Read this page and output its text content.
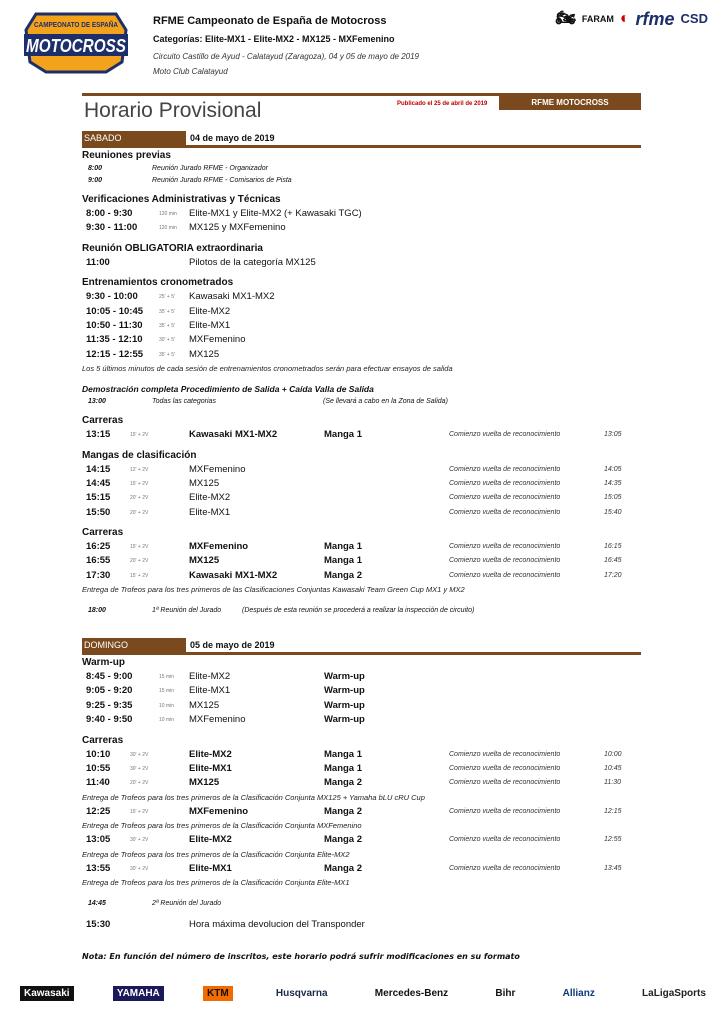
CAMPEONATO DE ESPAÑA
MOTOCROSS
RFME Campeonato de España de Motocross
Categorías: Elite-MX1 - Elite-MX2 - MX125 - MXFemenino
Circuito Castillo de Ayud - Calatayud (Zaragoza), 04 y 05 de mayo de 2019
Moto Club Calatayud
🏍 FARAM ◐ rfme CSD
Horario Provisional	Publicado el 25 de abril de 2019	RFME MOTOCROSS
SABADO	04 de mayo de 2019
Reuniones previas
8:00	Reunión Jurado RFME - Organizador
9:00	Reunión Jurado RFME - Comisarios de Pista
Verificaciones Administrativas y Técnicas
8:00 - 9:30	120 min Elite-MX1 y Elite-MX2 (+ Kawasaki TGC)
9:30 - 11:00	120 min MX125 y MXFemenino
Reunión OBLIGATORIA extraordinaria
11:00	Pilotos de la categoría MX125
Entrenamientos cronometrados
9:30 - 10:00	25' + 5' Kawasaki MX1-MX2
10:05 - 10:45	35' + 5' Elite-MX2
10:50 - 11:30	35' + 5' Elite-MX1
11:35 - 12:10	30' + 5' MXFemenino
12:15 - 12:55	35' + 5' MX125
Los 5 últimos minutos de cada sesión de entrenamientos cronometrados serán para efectuar ensayos de salida
Demostración completa Procedimiento de Salida + Caída Valla de Salida
13:00	Todas las categorias	(Se llevará a cabo en la Zona de Salida)
Carreras
13:15	15' + 2V	Kawasaki MX1-MX2	Manga 1	Comienzo vuelta de reconocimiento	13:05
Mangas de clasificación
14:15	12' + 2V	MXFemenino	Comienzo vuelta de reconocimiento	14:05
14:45	15' + 2V	MX125	Comienzo vuelta de reconocimiento	14:35
15:15	20' + 2V	Elite-MX2	Comienzo vuelta de reconocimiento	15:05
15:50	20' + 2V	Elite-MX1	Comienzo vuelta de reconocimiento	15:40
Carreras
16:25	15' + 2V	MXFemenino	Manga 1	Comienzo vuelta de reconocimiento	16:15
16:55	20' + 2V	MX125	Manga 1	Comienzo vuelta de reconocimiento	16:45
17:30	15' + 2V	Kawasaki MX1-MX2	Manga 2	Comienzo vuelta de reconocimiento	17:20
Entrega de Trofeos para los tres primeros de las Clasificaciones Conjuntas Kawasaki Team Green Cup MX1 y MX2
18:00	1ª Reunión del Jurado	(Después de esta reunión se procederá a realizar la inspección de circuito)
DOMINGO	05 de mayo de 2019
Warm-up
8:45 - 9:00	15 min Elite-MX2	Warm-up
9:05 - 9:20	15 min Elite-MX1	Warm-up
9:25 - 9:35	10 min MX125	Warm-up
9:40 - 9:50	10 min MXFemenino	Warm-up
Carreras
10:10	30' + 2V	Elite-MX2	Manga 1	Comienzo vuelta de reconocimiento	10:00
10:55	30' + 2V	Elite-MX1	Manga 1	Comienzo vuelta de reconocimiento	10:45
11:40	20' + 2V	MX125	Manga 2	Comienzo vuelta de reconocimiento	11:30
Entrega de Trofeos para los tres primeros de la Clasificación Conjunta MX125 + Yamaha bLU cRU Cup
12:25	15' + 2V	MXFemenino	Manga 2	Comienzo vuelta de reconocimiento	12:15
Entrega de Trofeos para los tres primeros de la Clasificación Conjunta MXFemenino
13:05	30' + 2V	Elite-MX2	Manga 2	Comienzo vuelta de reconocimiento	12:55
Entrega de Trofeos para los tres primeros de la Clasificación Conjunta Elite-MX2
13:55	30' + 2V	Elite-MX1	Manga 2	Comienzo vuelta de reconocimiento	13:45
Entrega de Trofeos para los tres primeros de la Clasificación Conjunta Elite-MX1
14:45	2ª Reunión del Jurado
15:30	Hora máxima devolucion del Transponder
Nota: En función del número de inscritos, este horario podrá sufrir modificaciones en su formato
Kawasaki	YAMAHA	KTM	Husqvarna	Mercedes-Benz	Bihr	Allianz	LaLigaSports
